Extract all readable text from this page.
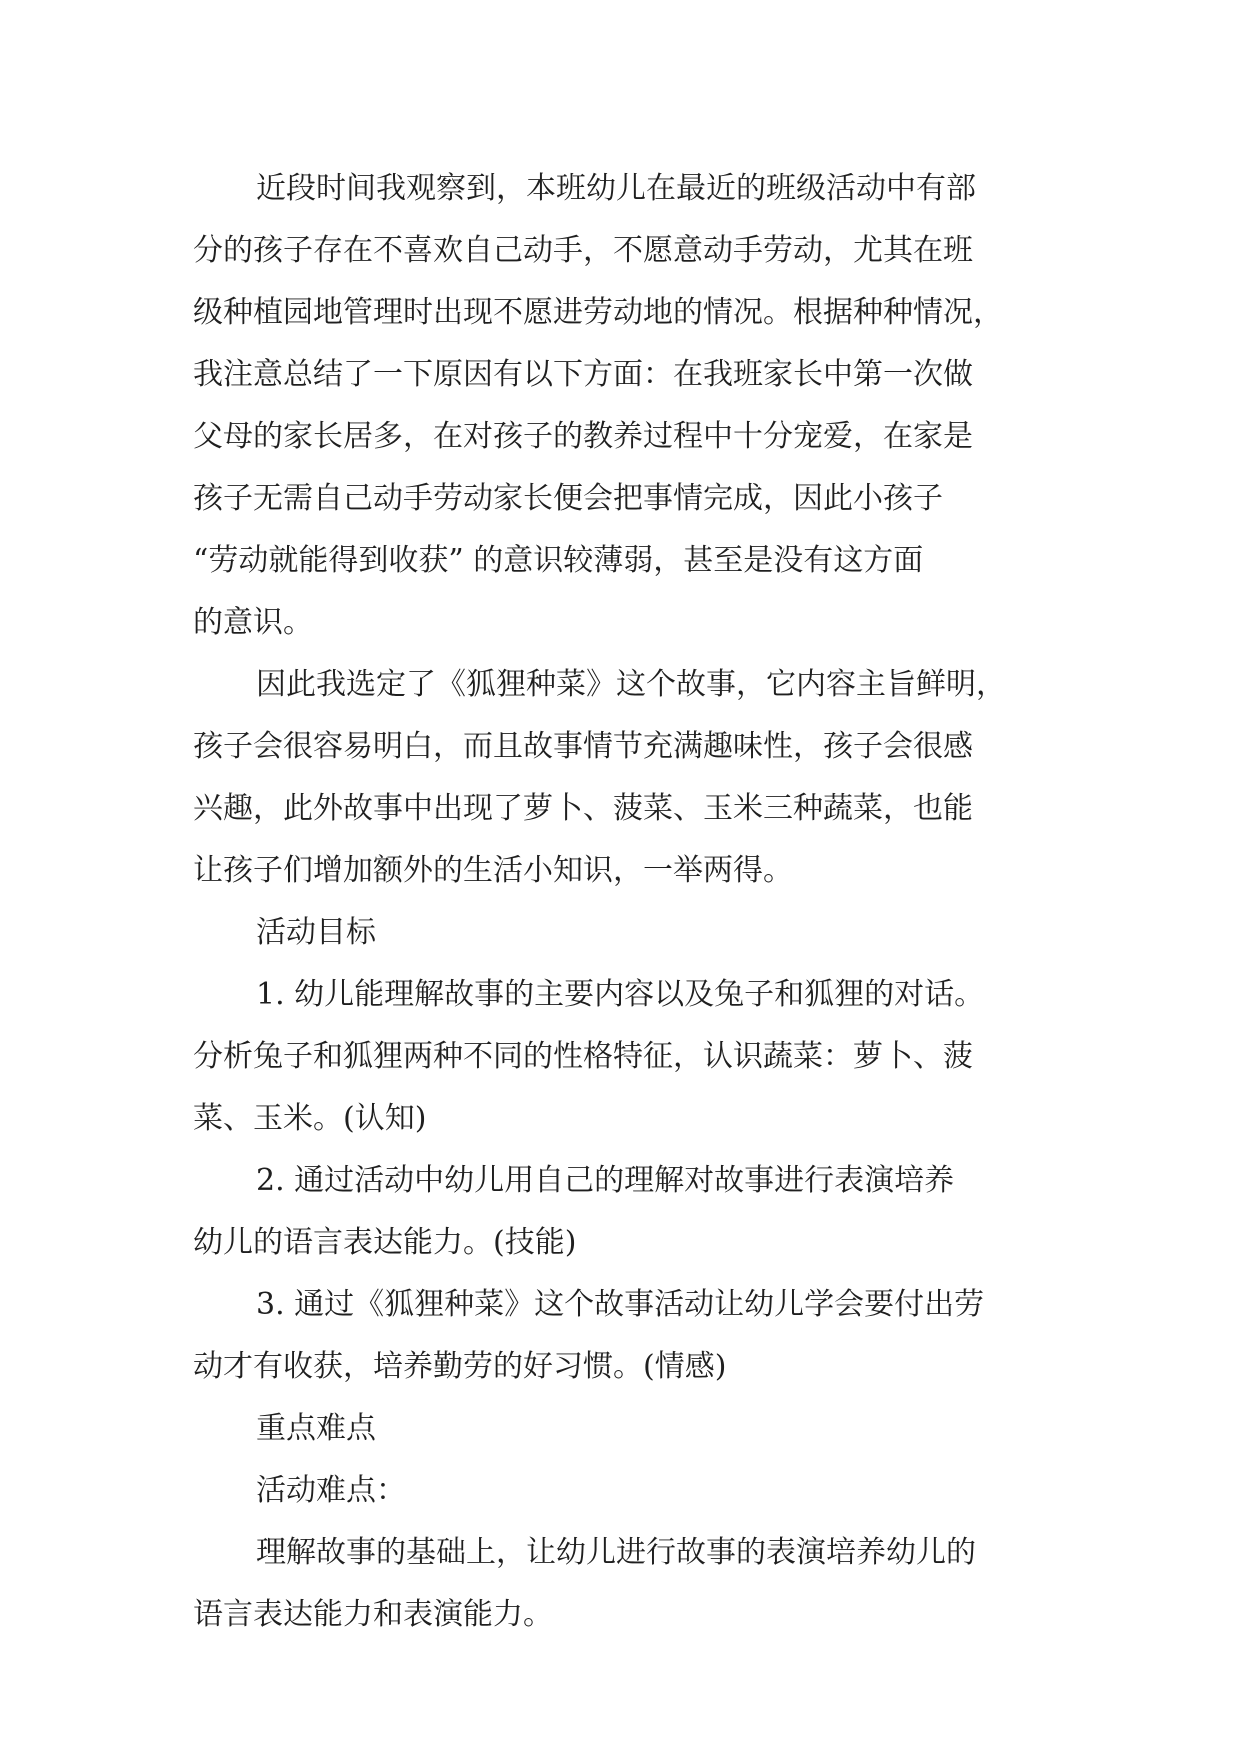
近段时间我观察到，本班幼儿在最近的班级活动中有部
分的孩子存在不喜欢自己动手，不愿意动手劳动，尤其在班
级种植园地管理时出现不愿进劳动地的情况。根据种种情况，
我注意总结了一下原因有以下方面：在我班家长中第一次做
父母的家长居多，在对孩子的教养过程中十分宠爱，在家是
孩子无需自己动手劳动家长便会把事情完成，因此小孩子
“劳动就能得到收获” 的意识较薄弱，甚至是没有这方面
的意识。
因此我选定了《狐狸种菜》这个故事，它内容主旨鲜明，
孩子会很容易明白，而且故事情节充满趣味性，孩子会很感
兴趣，此外故事中出现了萝卜、菠菜、玉米三种蔬菜，也能
让孩子们增加额外的生活小知识，一举两得。
活动目标
1. 幼儿能理解故事的主要内容以及兔子和狐狸的对话。
分析兔子和狐狸两种不同的性格特征，认识蔬菜：萝卜、菠
菜、玉米。(认知)
2. 通过活动中幼儿用自己的理解对故事进行表演培养
幼儿的语言表达能力。(技能)
3. 通过《狐狸种菜》这个故事活动让幼儿学会要付出劳
动才有收获，培养勤劳的好习惯。(情感)
重点难点
活动难点：
理解故事的基础上，让幼儿进行故事的表演培养幼儿的
语言表达能力和表演能力。
